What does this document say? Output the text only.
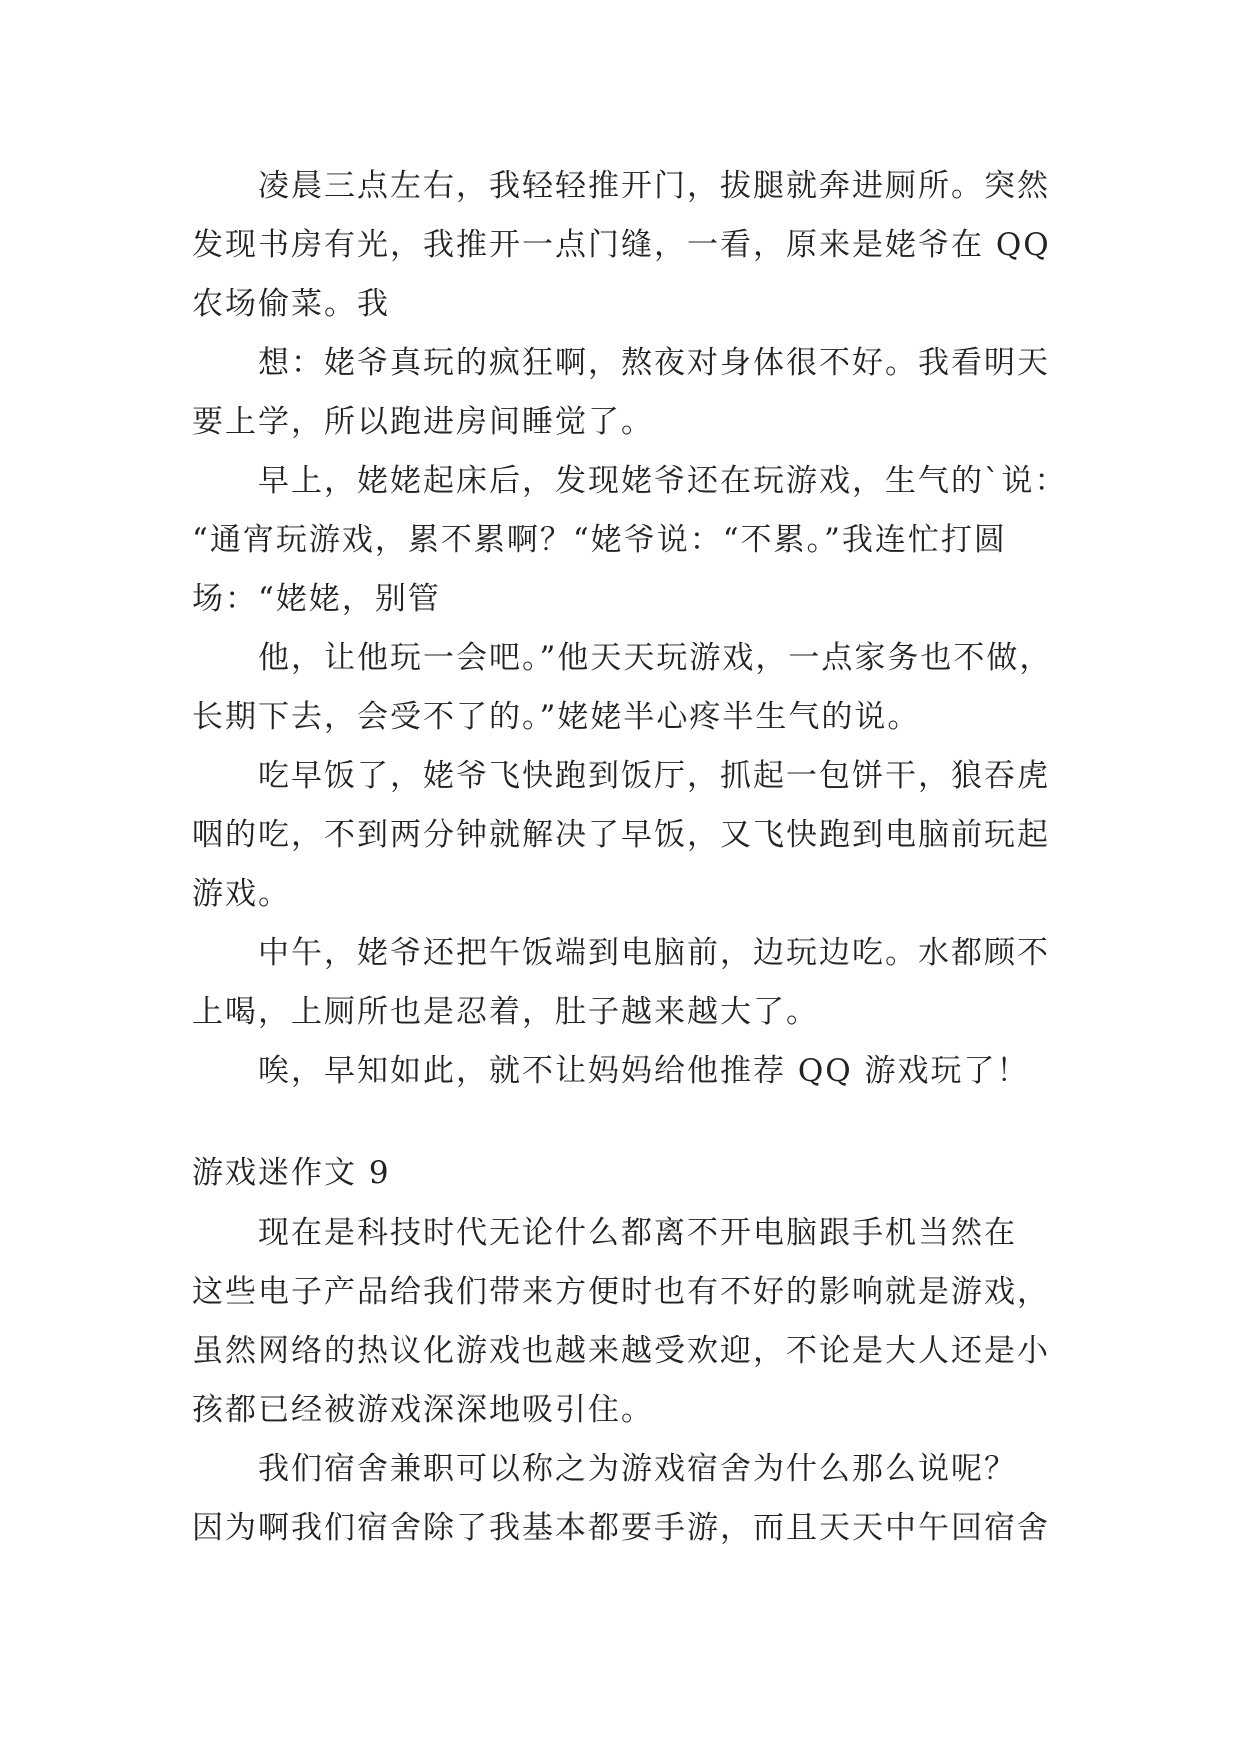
凌晨三点左右，我轻轻推开门，拔腿就奔进厕所。突然
发现书房有光，我推开一点门缝，一看，原来是姥爷在 QQ
农场偷菜。我
想：姥爷真玩的疯狂啊，熬夜对身体很不好。我看明天
要上学，所以跑进房间睡觉了。
早上，姥姥起床后，发现姥爷还在玩游戏，生气的`说：
“通宵玩游戏，累不累啊？“姥爷说：“不累。”我连忙打圆
场：“姥姥，别管
他，让他玩一会吧。”他天天玩游戏，一点家务也不做，
长期下去，会受不了的。”姥姥半心疼半生气的说。
吃早饭了，姥爷飞快跑到饭厅，抓起一包饼干，狼吞虎
咽的吃，不到两分钟就解决了早饭，又飞快跑到电脑前玩起
游戏。
中午，姥爷还把午饭端到电脑前，边玩边吃。水都顾不
上喝，上厕所也是忍着，肚子越来越大了。
唉，早知如此，就不让妈妈给他推荐 QQ 游戏玩了！
游戏迷作文 9
现在是科技时代无论什么都离不开电脑跟手机当然在
这些电子产品给我们带来方便时也有不好的影响就是游戏，
虽然网络的热议化游戏也越来越受欢迎，不论是大人还是小
孩都已经被游戏深深地吸引住。
我们宿舍兼职可以称之为游戏宿舍为什么那么说呢？
因为啊我们宿舍除了我基本都要手游，而且天天中午回宿舍
